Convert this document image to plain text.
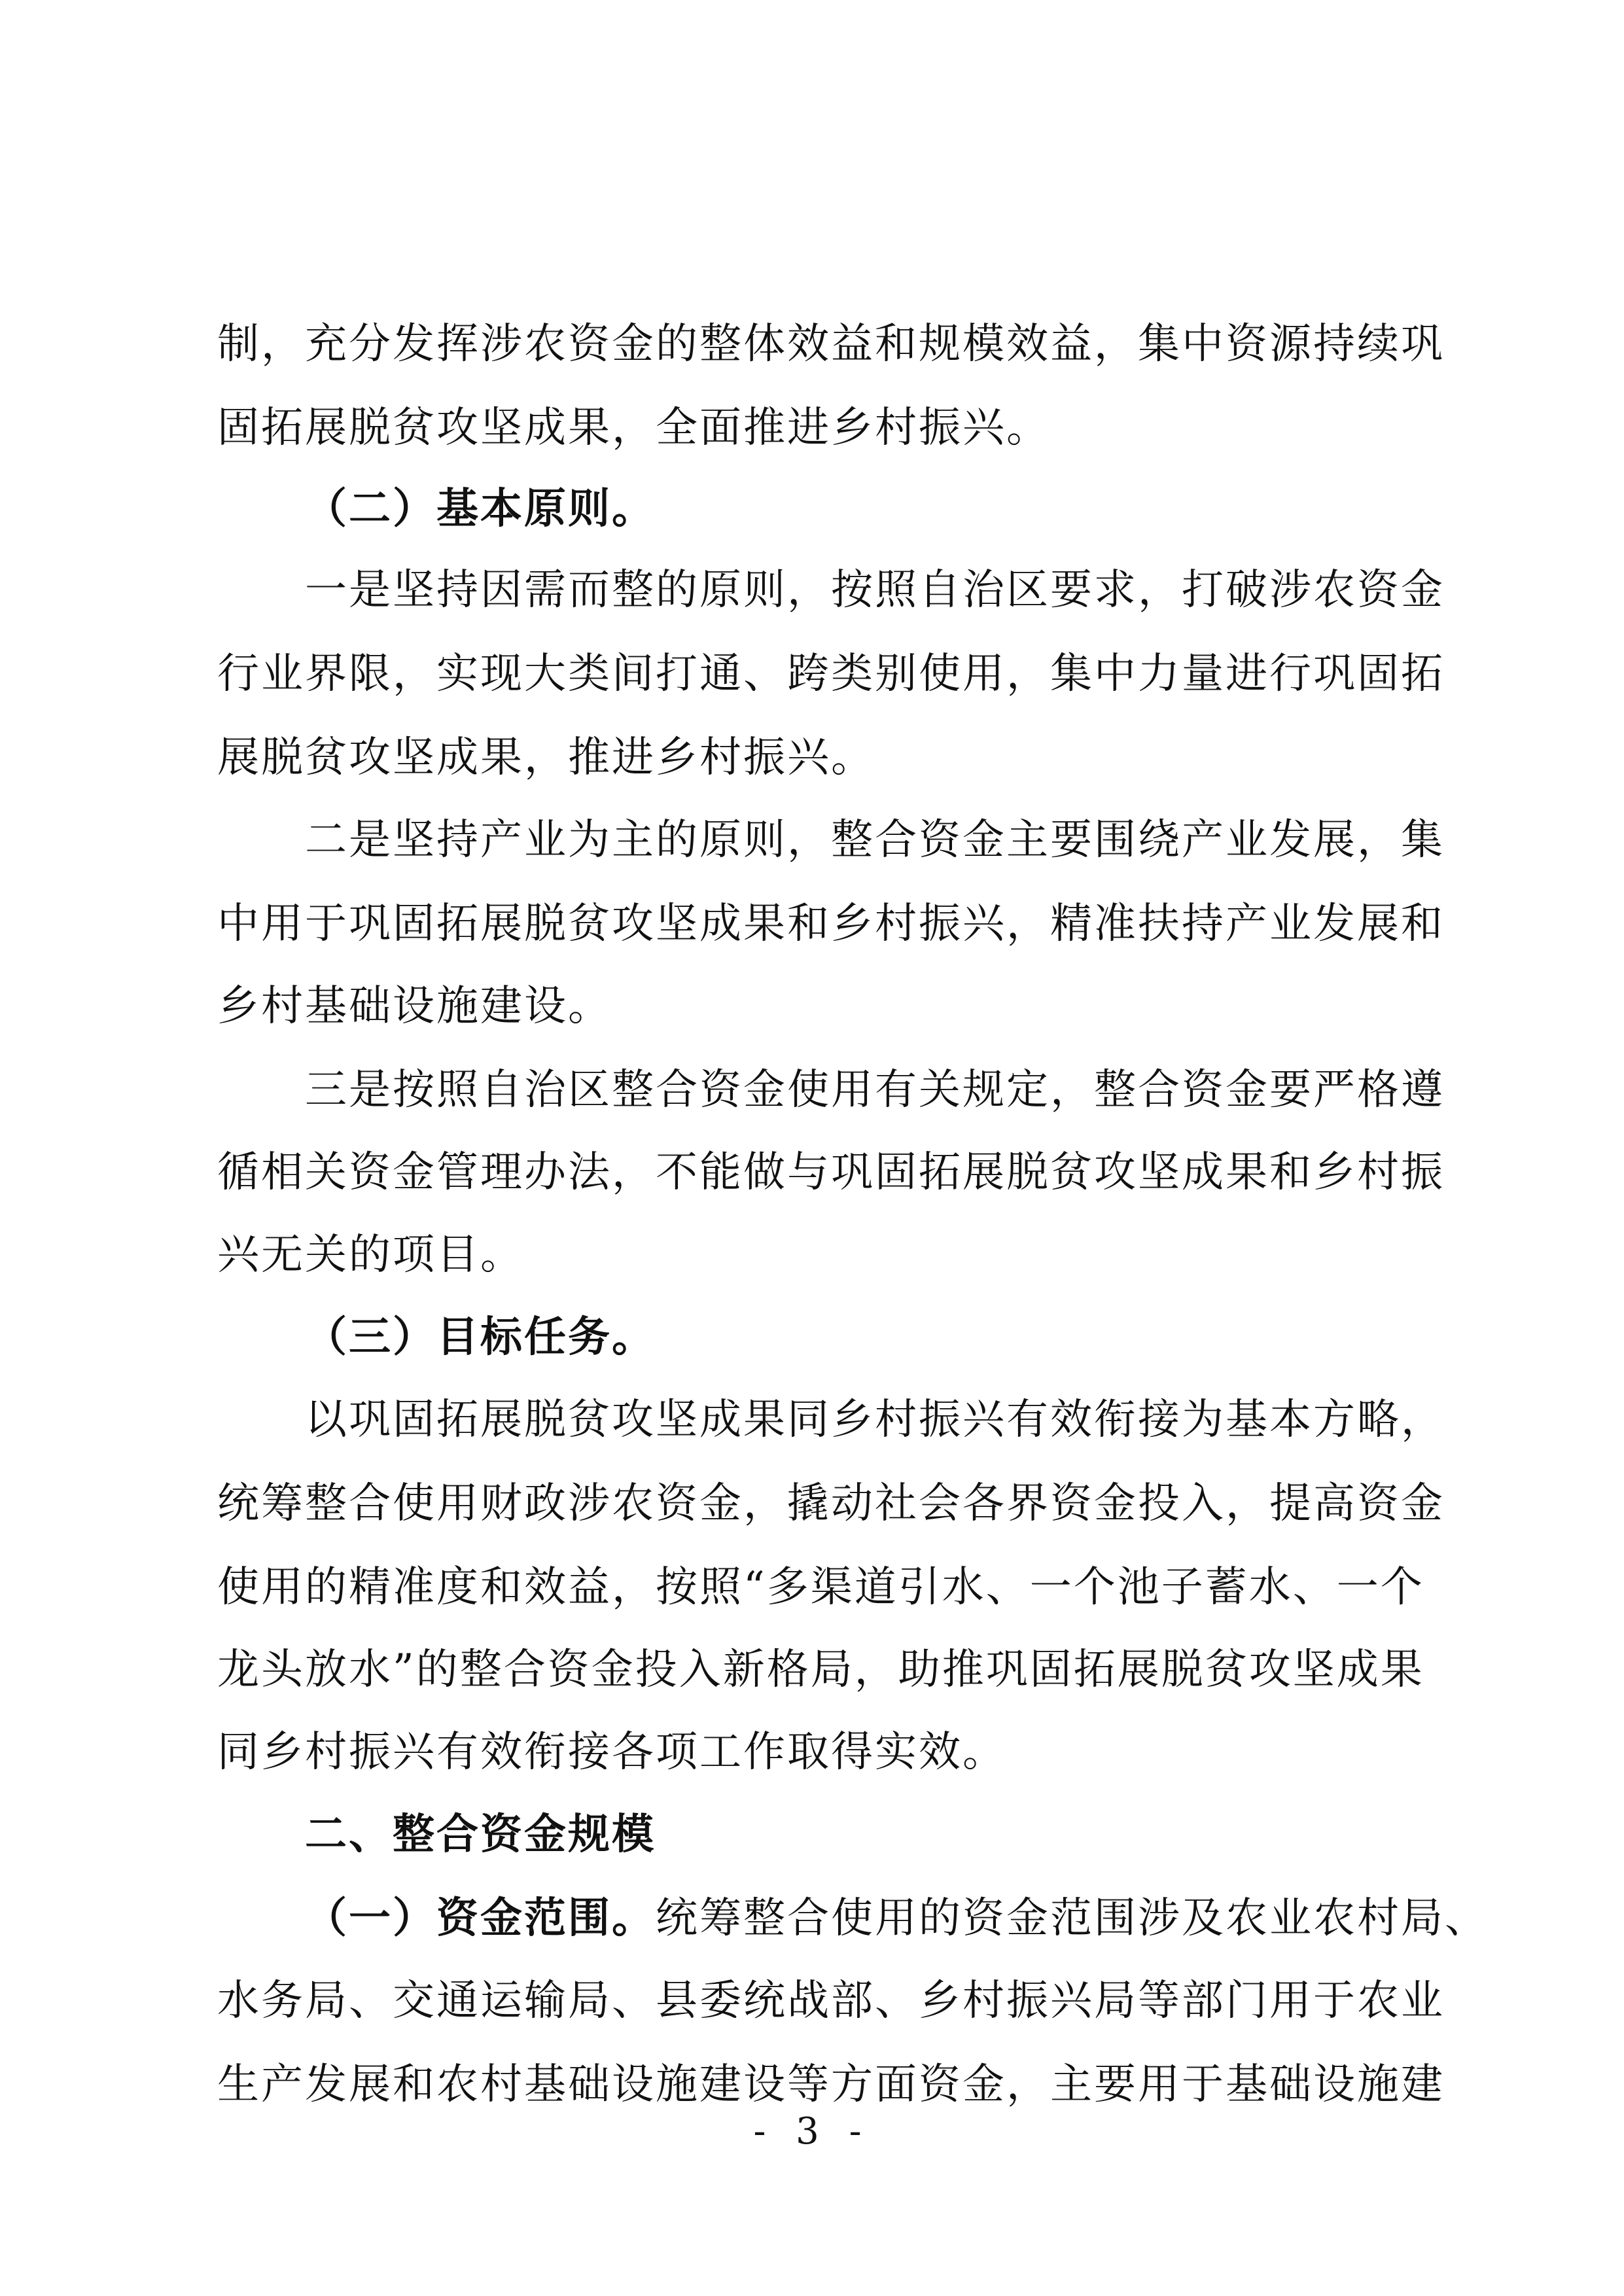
制，充分发挥涉农资金的整体效益和规模效益，集中资源持续巩
固拓展脱贫攻坚成果，全面推进乡村振兴。
（二）基本原则。
一是坚持因需而整的原则，按照自治区要求，打破涉农资金
行业界限，实现大类间打通、跨类别使用，集中力量进行巩固拓
展脱贫攻坚成果，推进乡村振兴。
二是坚持产业为主的原则，整合资金主要围绕产业发展，集
中用于巩固拓展脱贫攻坚成果和乡村振兴，精准扶持产业发展和
乡村基础设施建设。
三是按照自治区整合资金使用有关规定，整合资金要严格遵
循相关资金管理办法，不能做与巩固拓展脱贫攻坚成果和乡村振
兴无关的项目。
（三）目标任务。
以巩固拓展脱贫攻坚成果同乡村振兴有效衔接为基本方略，
统筹整合使用财政涉农资金，撬动社会各界资金投入，提高资金
使用的精准度和效益，按照“多渠道引水、一个池子蓄水、一个
龙头放水”的整合资金投入新格局，助推巩固拓展脱贫攻坚成果
同乡村振兴有效衔接各项工作取得实效。
二、整合资金规模
（一）资金范围。统筹整合使用的资金范围涉及农业农村局、
水务局、交通运输局、县委统战部、乡村振兴局等部门用于农业
生产发展和农村基础设施建设等方面资金，主要用于基础设施建
- 3 -
